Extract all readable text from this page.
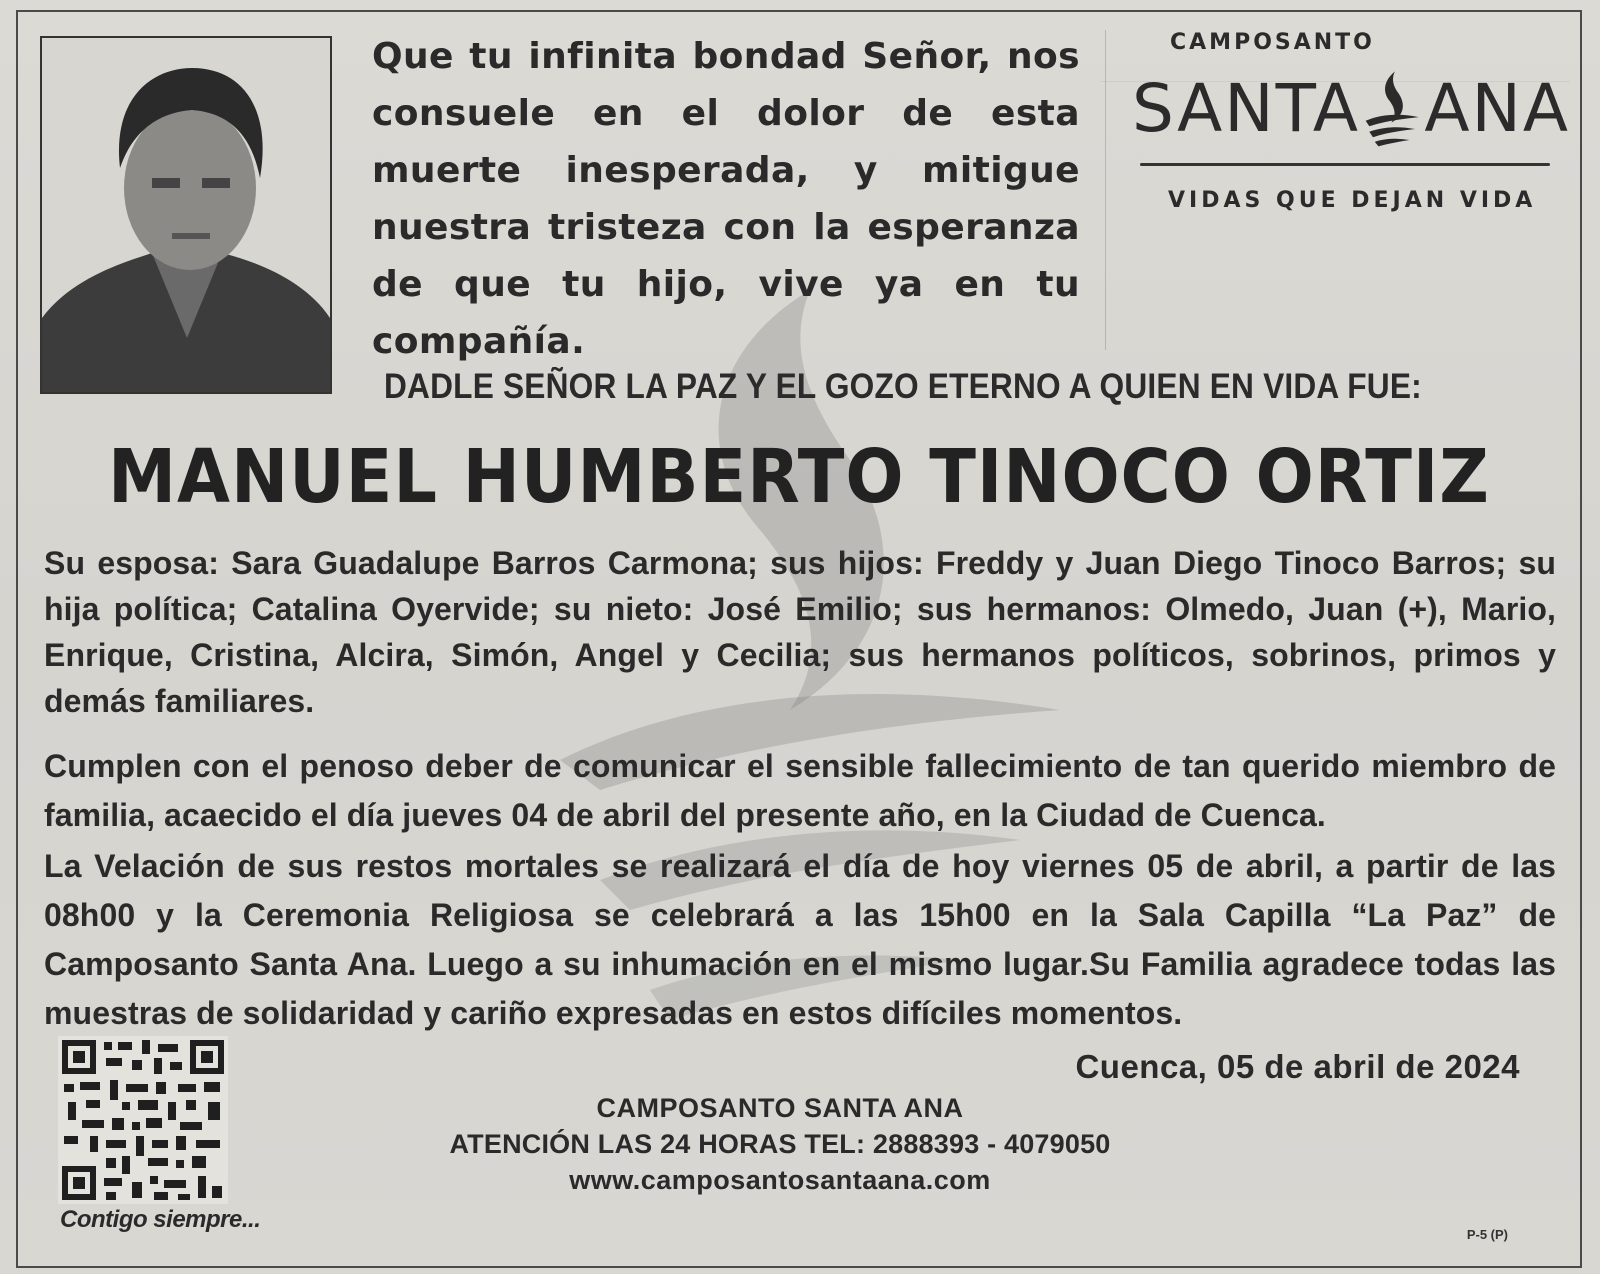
Que tu infinita bondad Señor, nos consuele en el dolor de esta muerte inesperada, y mitigue nuestra tristeza con la esperanza de que tu hijo, vive ya en tu compañía.
CAMPOSANTO
SANTA ANA
VIDAS QUE DEJAN VIDA
DADLE SEÑOR LA PAZ Y EL GOZO ETERNO A QUIEN EN VIDA FUE:
MANUEL HUMBERTO TINOCO ORTIZ
Su esposa: Sara Guadalupe Barros Carmona; sus hijos: Freddy y Juan Diego Tinoco Barros; su hija política; Catalina Oyervide; su nieto: José Emilio; sus hermanos: Olmedo, Juan (+), Mario, Enrique, Cristina, Alcira, Simón, Angel y Cecilia; sus hermanos políticos, sobrinos, primos y demás familiares.
Cumplen con el penoso deber de comunicar el sensible fallecimiento de tan querido miembro de familia, acaecido el día jueves 04 de abril del presente año, en la Ciudad de Cuenca.
La Velación de sus restos mortales se realizará el día de hoy viernes 05 de abril, a partir de las 08h00 y la Ceremonia Religiosa se celebrará a las 15h00 en la Sala Capilla “La Paz” de Camposanto Santa Ana. Luego a su inhumación en el mismo lugar.Su Familia agradece todas las muestras de solidaridad y cariño expresadas en estos difíciles momentos.
Contigo siempre...
Cuenca, 05 de abril de 2024
CAMPOSANTO SANTA ANA
ATENCIÓN LAS 24 HORAS TEL: 2888393 - 4079050
www.camposantosantaana.com
P-5 (P)
